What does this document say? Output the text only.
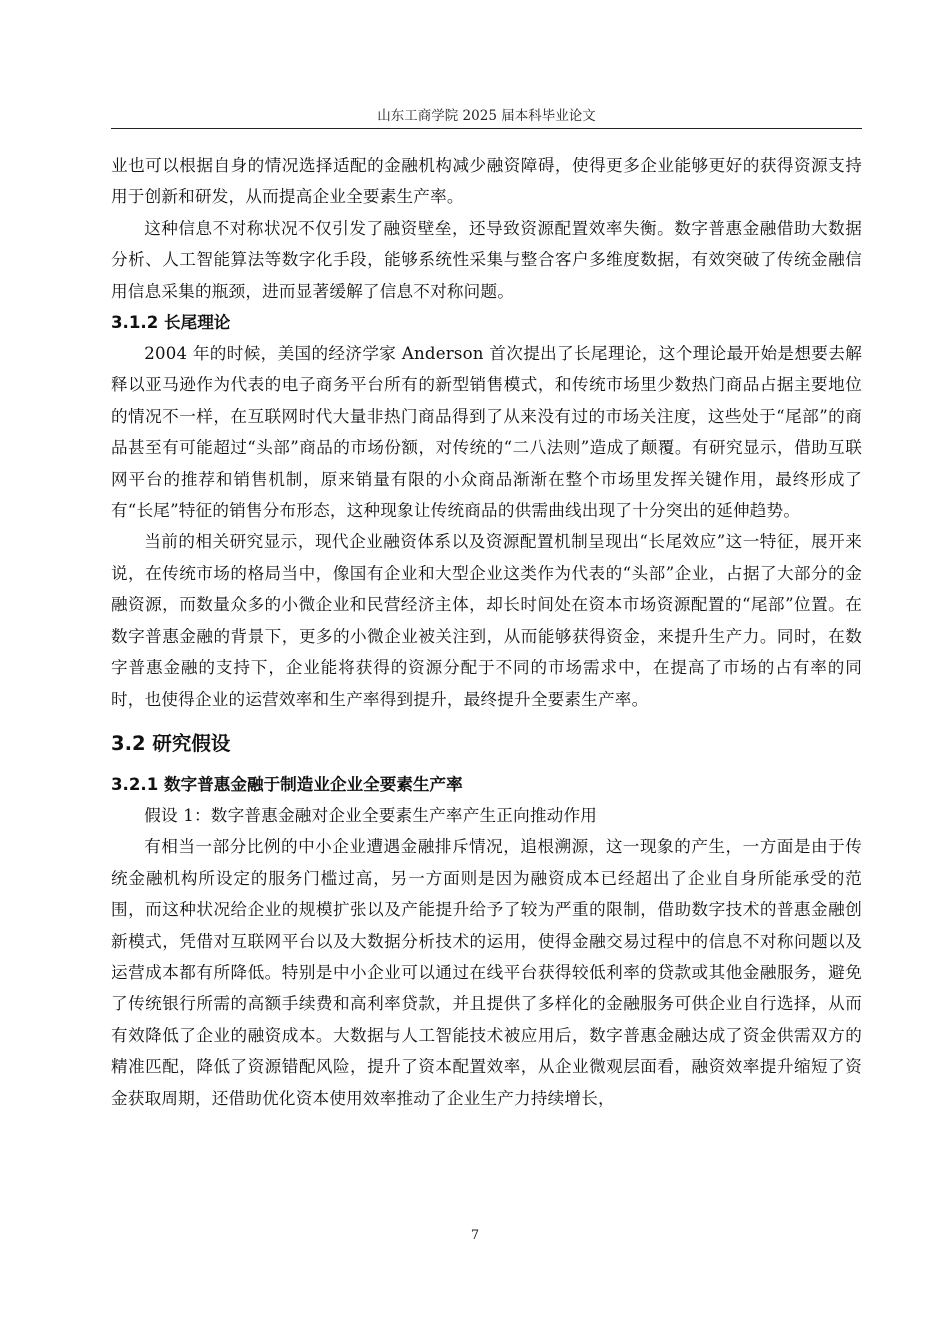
山东工商学院 2025 届本科毕业论文

业也可以根据自身的情况选择适配的金融机构减少融资障碍，使得更多企业能够更好的获得资源支持用于创新和研发，从而提高企业全要素生产率。

这种信息不对称状况不仅引发了融资壁垒，还导致资源配置效率失衡。数字普惠金融借助大数据分析、人工智能算法等数字化手段，能够系统性采集与整合客户多维度数据，有效突破了传统金融信用信息采集的瓶颈，进而显著缓解了信息不对称问题。

3.1.2 长尾理论

2004 年的时候，美国的经济学家 Anderson 首次提出了长尾理论，这个理论最开始是想要去解释以亚马逊作为代表的电子商务平台所有的新型销售模式，和传统市场里少数热门商品占据主要地位的情况不一样，在互联网时代大量非热门商品得到了从来没有过的市场关注度，这些处于“尾部”的商品甚至有可能超过“头部”商品的市场份额，对传统的“二八法则”造成了颠覆。有研究显示，借助互联网平台的推荐和销售机制，原来销量有限的小众商品渐渐在整个市场里发挥关键作用，最终形成了有“长尾”特征的销售分布形态，这种现象让传统商品的供需曲线出现了十分突出的延伸趋势。

当前的相关研究显示，现代企业融资体系以及资源配置机制呈现出“长尾效应”这一特征，展开来说，在传统市场的格局当中，像国有企业和大型企业这类作为代表的“头部”企业，占据了大部分的金融资源，而数量众多的小微企业和民营经济主体，却长时间处在资本市场资源配置的“尾部”位置。在数字普惠金融的背景下，更多的小微企业被关注到，从而能够获得资金，来提升生产力。同时，在数字普惠金融的支持下，企业能将获得的资源分配于不同的市场需求中，在提高了市场的占有率的同时，也使得企业的运营效率和生产率得到提升，最终提升全要素生产率。

3.2 研究假设
3.2.1 数字普惠金融于制造业企业全要素生产率

假设 1：数字普惠金融对企业全要素生产率产生正向推动作用

有相当一部分比例的中小企业遭遇金融排斥情况，追根溯源，这一现象的产生，一方面是由于传统金融机构所设定的服务门槛过高，另一方面则是因为融资成本已经超出了企业自身所能承受的范围，而这种状况给企业的规模扩张以及产能提升给予了较为严重的限制，借助数字技术的普惠金融创新模式，凭借对互联网平台以及大数据分析技术的运用，使得金融交易过程中的信息不对称问题以及运营成本都有所降低。特别是中小企业可以通过在线平台获得较低利率的贷款或其他金融服务，避免了传统银行所需的高额手续费和高利率贷款，并且提供了多样化的金融服务可供企业自行选择，从而有效降低了企业的融资成本。大数据与人工智能技术被应用后，数字普惠金融达成了资金供需双方的精准匹配，降低了资源错配风险，提升了资本配置效率，从企业微观层面看，融资效率提升缩短了资金获取周期，还借助优化资本使用效率推动了企业生产力持续增长，

7
